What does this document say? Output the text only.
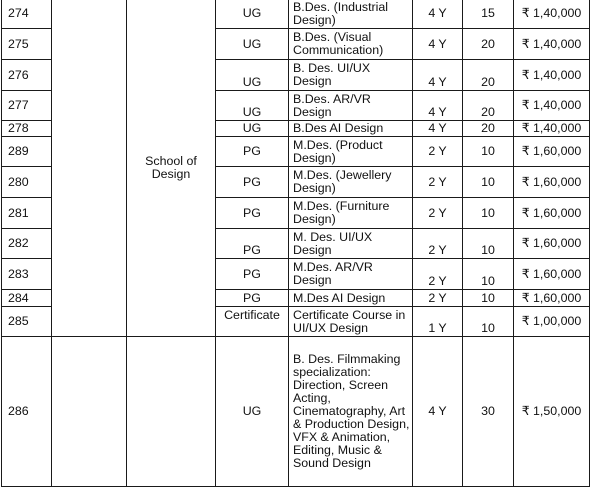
274		School of Design	UG	B.Des. (Industrial Design)	4 Y	15	₹ 1,40,000
275			UG	B.Des. (Visual Communication)	4 Y	20	₹ 1,40,000
276			UG	B. Des. UI/UX Design	4 Y	20	₹ 1,40,000
277			UG	B.Des. AR/VR Design	4 Y	20	₹ 1,40,000
278			UG	B.Des AI Design	4 Y	20	₹ 1,40,000
289			PG	M.Des. (Product Design)	2 Y	10	₹ 1,60,000
280			PG	M.Des. (Jewellery Design)	2 Y	10	₹ 1,60,000
281			PG	M.Des. (Furniture Design)	2 Y	10	₹ 1,60,000
282			PG	M. Des. UI/UX Design	2 Y	10	₹ 1,60,000
283			PG	M.Des. AR/VR Design	2 Y	10	₹ 1,60,000
284			PG	M.Des AI Design	2 Y	10	₹ 1,60,000
285			Certificate	Certificate Course in UI/UX Design	1 Y	10	₹ 1,00,000
286			UG	B. Des. Filmmaking specialization: Direction, Screen Acting, Cinematography, Art & Production Design, VFX & Animation, Editing, Music & Sound Design	4 Y	30	₹ 1,50,000
